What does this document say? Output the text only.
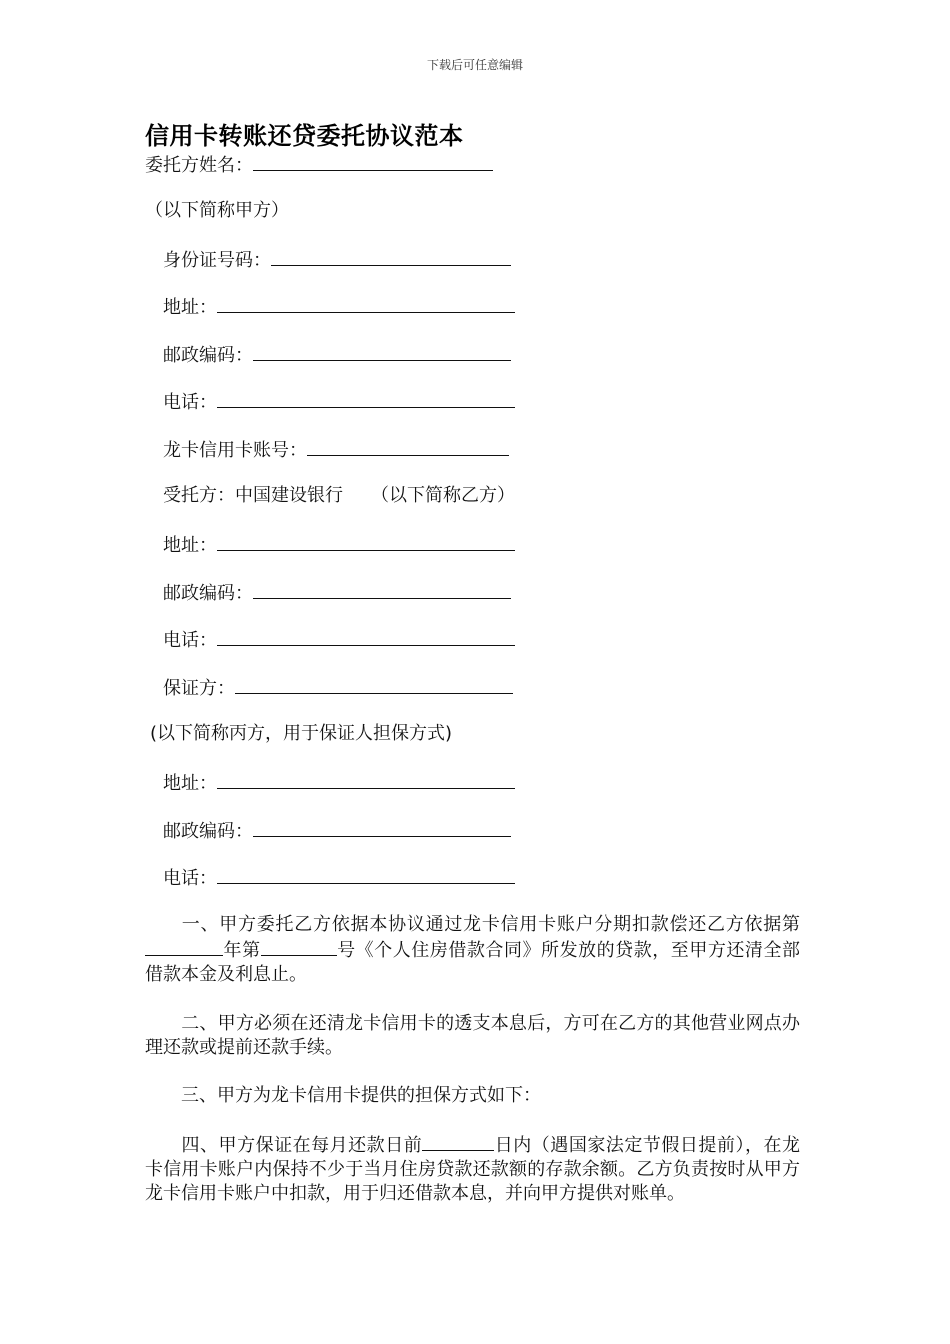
下载后可任意编辑
信用卡转账还贷委托协议范本
委托方姓名：
（以下简称甲方）
身份证号码：
地址：
邮政编码：
电话：
龙卡信用卡账号：
受托方：中国建设银行 （以下简称乙方）
地址：
邮政编码：
电话：
保证方：
(以下简称丙方，用于保证人担保方式)
地址：
邮政编码：
电话：
一、甲方委托乙方依据本协议通过龙卡信用卡账户分期扣款偿还乙方依据第年第	号《个人住房借款合同》所发放的贷款，至甲方还清全部借款本金及利息止。
二、甲方必须在还清龙卡信用卡的透支本息后，方可在乙方的其他营业网点办理还款或提前还款手续。
三、甲方为龙卡信用卡提供的担保方式如下：
四、甲方保证在每月还款日前	日内（遇国家法定节假日提前），在龙卡信用卡账户内保持不少于当月住房贷款还款额的存款余额。乙方负责按时从甲方龙卡信用卡账户中扣款，用于归还借款本息，并向甲方提供对账单。
